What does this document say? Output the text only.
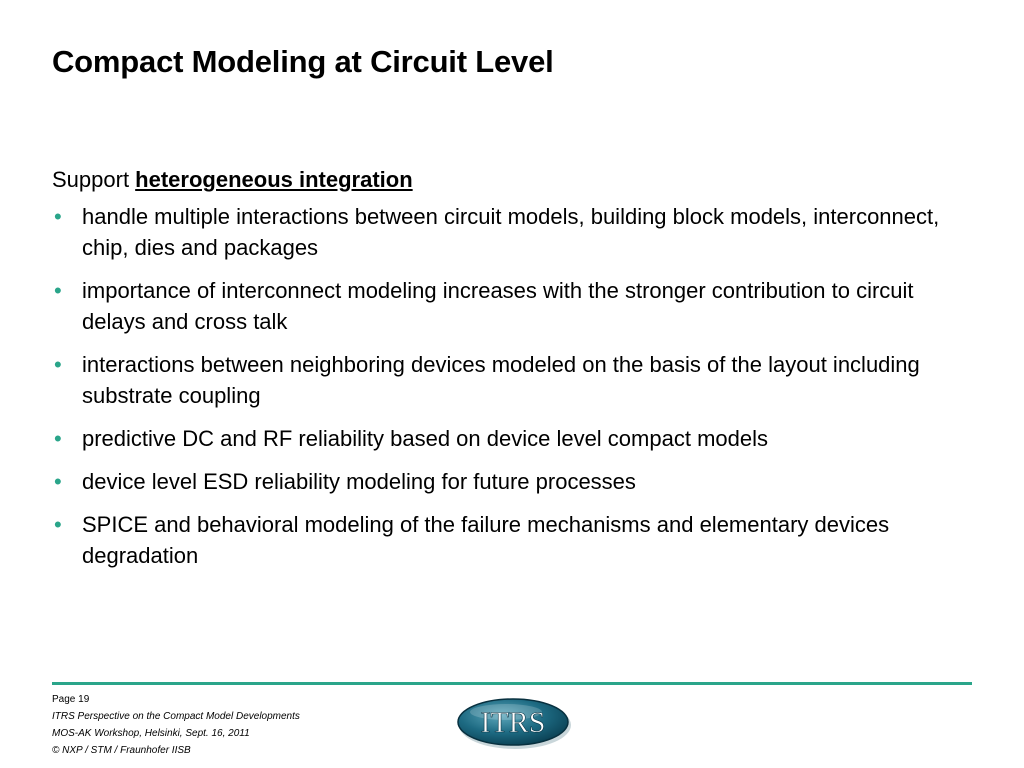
Compact Modeling at Circuit Level

Support heterogeneous integration

• handle multiple interactions between circuit models, building block models, interconnect, chip, dies and packages
• importance of interconnect modeling increases with the stronger contribution to circuit delays and cross talk
• interactions between neighboring devices modeled on the basis of the layout including substrate coupling
• predictive DC and RF reliability based on device level compact models
• device level ESD reliability modeling for future processes
• SPICE and behavioral modeling of the failure mechanisms and elementary devices degradation
Page 19
ITRS Perspective on the Compact Model Developments
MOS-AK Workshop, Helsinki, Sept. 16, 2011
© NXP / STM / Fraunhofer IISB
ITRS
